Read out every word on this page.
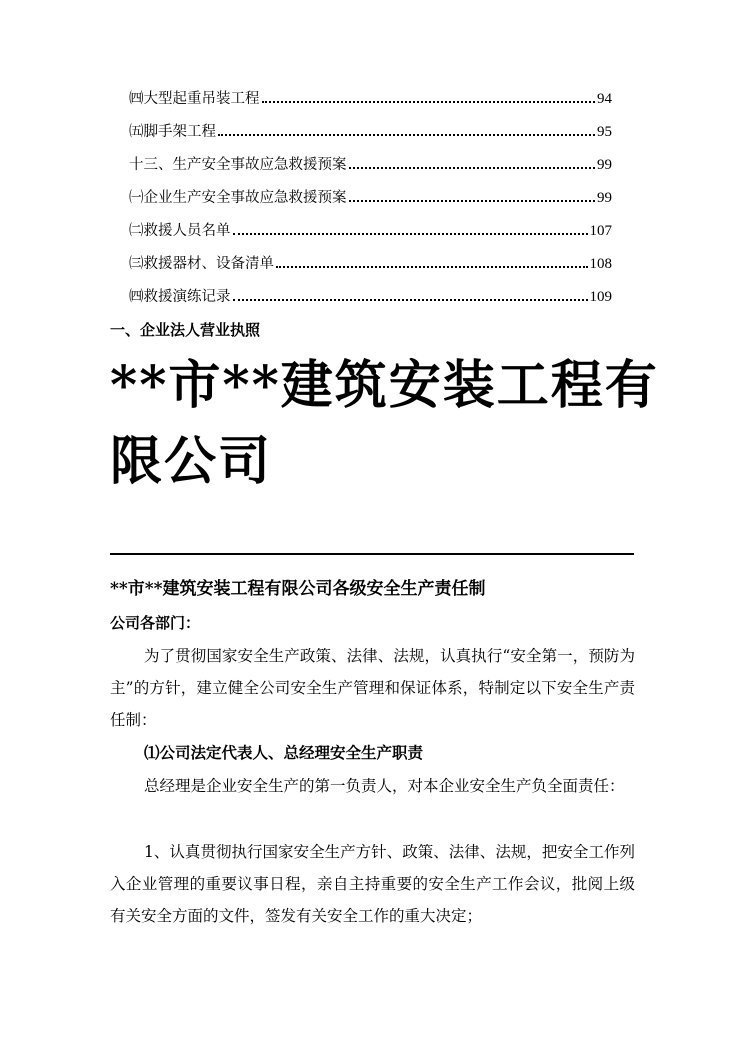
㈣大型起重吊装工程	94
㈤脚手架工程	95
十三、生产安全事故应急救援预案	99
㈠企业生产安全事故应急救援预案	99
㈡救援人员名单	107
㈢救援器材、设备清单	108
㈣救援演练记录	109
一、企业法人营业执照
**市**建筑安装工程有限公司
**市**建筑安装工程有限公司各级安全生产责任制
公司各部门：
为了贯彻国家安全生产政策、法律、法规，认真执行“安全第一，预防为主”的方针，建立健全公司安全生产管理和保证体系，特制定以下安全生产责任制：
⑴公司法定代表人、总经理安全生产职责
总经理是企业安全生产的第一负责人，对本企业安全生产负全面责任：
1、认真贯彻执行国家安全生产方针、政策、法律、法规，把安全工作列入企业管理的重要议事日程，亲自主持重要的安全生产工作会议，批阅上级有关安全方面的文件，签发有关安全工作的重大决定；
